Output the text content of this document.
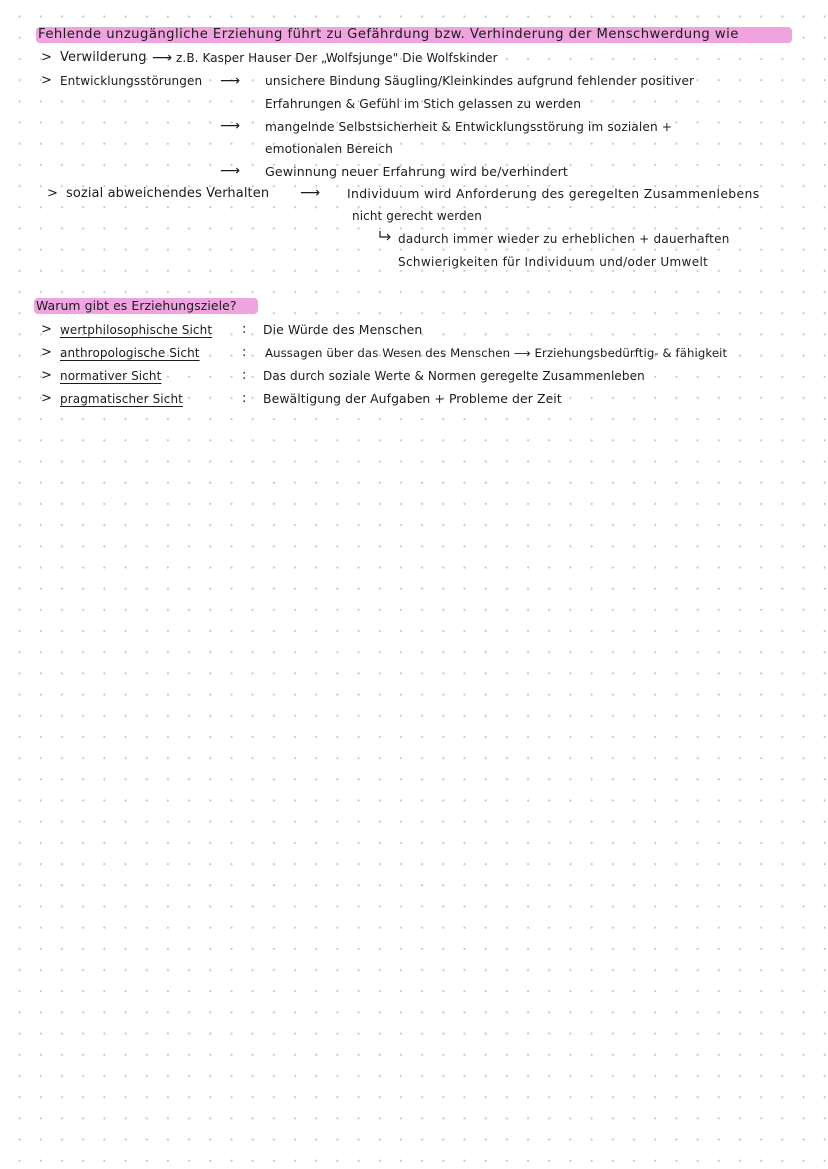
Fehlende unzugängliche Erziehung führt zu Gefährdung bzw. Verhinderung der Menschwerdung wie
> Verwilderung ⟶ z.B. Kasper Hauser Der „Wolfsjunge" Die Wolfskinder
> Entwicklungsstörungen ⟶ unsichere Bindung Säugling/Kleinkindes aufgrund fehlender positiver
Erfahrungen & Gefühl im Stich gelassen zu werden
⟶ mangelnde Selbstsicherheit & Entwicklungsstörung im sozialen +
emotionalen Bereich
⟶ Gewinnung neuer Erfahrung wird be/verhindert
> sozial abweichendes Verhalten ⟶ Individuum wird Anforderung des geregelten Zusammenlebens
nicht gerecht werden
dadurch immer wieder zu erheblichen + dauerhaften
Schwierigkeiten für Individuum und/oder Umwelt
Warum gibt es Erziehungsziele?
> wertphilosophische Sicht : Die Würde des Menschen
> anthropologische Sicht	: Aussagen über das Wesen des Menschen ⟶ Erziehungsbedürftig- & fähigkeit
> normativer Sicht	: Das durch soziale Werte & Normen geregelte Zusammenleben
> pragmatischer Sicht	: Bewältigung der Aufgaben + Probleme der Zeit
